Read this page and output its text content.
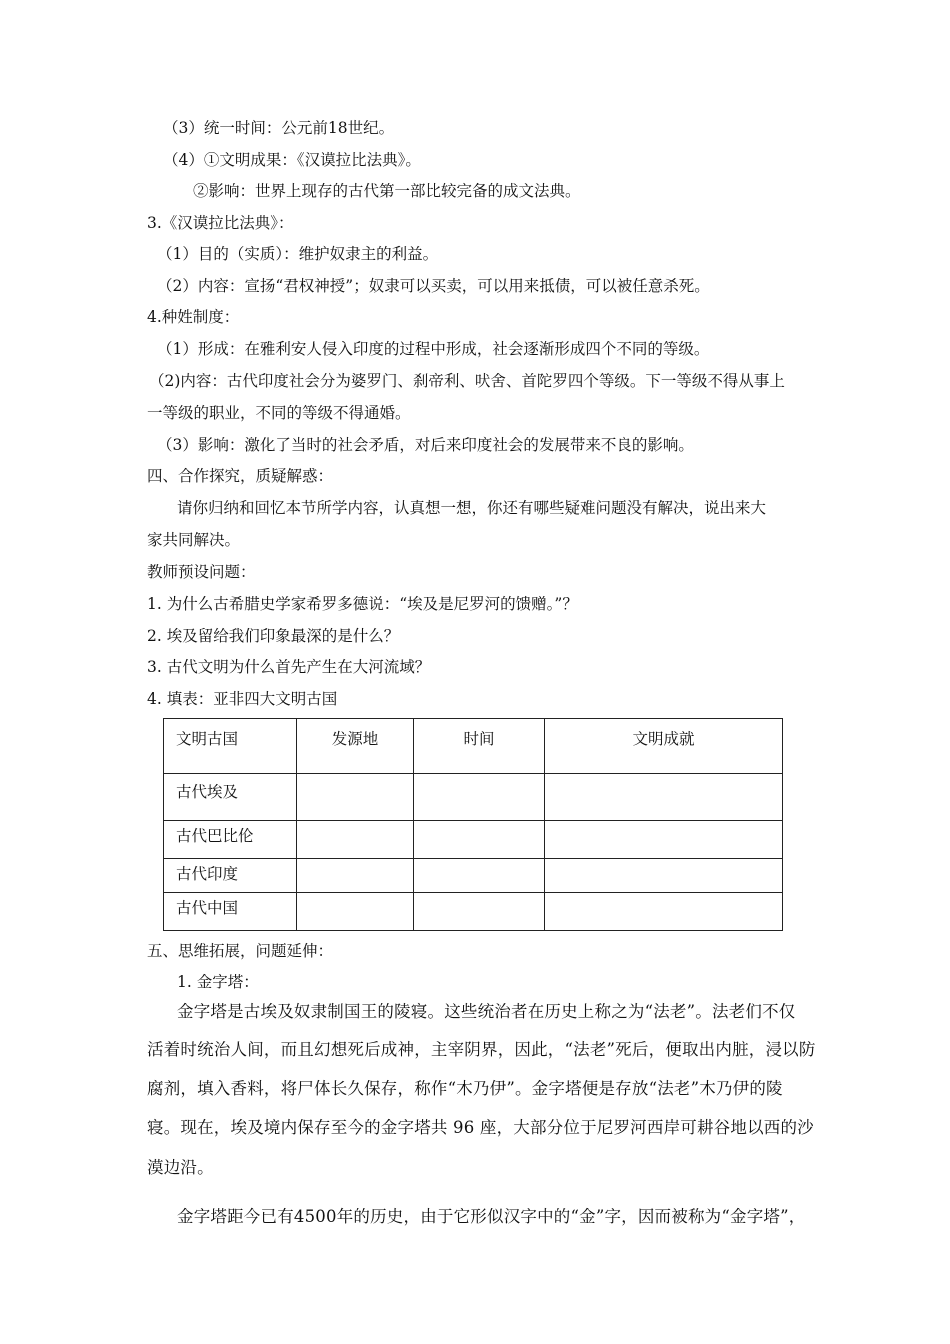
（3）统一时间：公元前18世纪。
（4）①文明成果：《汉谟拉比法典》。
②影响：世界上现存的古代第一部比较完备的成文法典。
3.《汉谟拉比法典》：
（1）目的（实质）：维护奴隶主的利益。
（2）内容：宣扬“君权神授”；奴隶可以买卖，可以用来抵债，可以被任意杀死。
4.种姓制度：
（1）形成：在雅利安人侵入印度的过程中形成，社会逐渐形成四个不同的等级。
（2)内容：古代印度社会分为婆罗门、刹帝利、吠舍、首陀罗四个等级。下一等级不得从事上
一等级的职业，不同的等级不得通婚。
（3）影响：激化了当时的社会矛盾，对后来印度社会的发展带来不良的影响。
四、合作探究，质疑解惑：
请你归纳和回忆本节所学内容，认真想一想，你还有哪些疑难问题没有解决，说出来大
家共同解决。
教师预设问题：
1. 为什么古希腊史学家希罗多德说：“埃及是尼罗河的馈赠。”？
2. 埃及留给我们印象最深的是什么？
3. 古代文明为什么首先产生在大河流域？
4. 填表：亚非四大文明古国
文明古国	发源地	时间	文明成就
古代埃及			
古代巴比伦			
古代印度			
古代中国			
五、思维拓展，问题延伸：
1. 金字塔：
金字塔是古埃及奴隶制国王的陵寝。这些统治者在历史上称之为“法老”。法老们不仅
活着时统治人间，而且幻想死后成神，主宰阴界，因此，“法老”死后，便取出内脏，浸以防
腐剂，填入香料，将尸体长久保存，称作“木乃伊”。金字塔便是存放“法老”木乃伊的陵
寝。现在，埃及境内保存至今的金字塔共 96 座，大部分位于尼罗河西岸可耕谷地以西的沙
漠边沿。
金字塔距今已有4500年的历史，由于它形似汉字中的“金”字，因而被称为“金字塔”，
